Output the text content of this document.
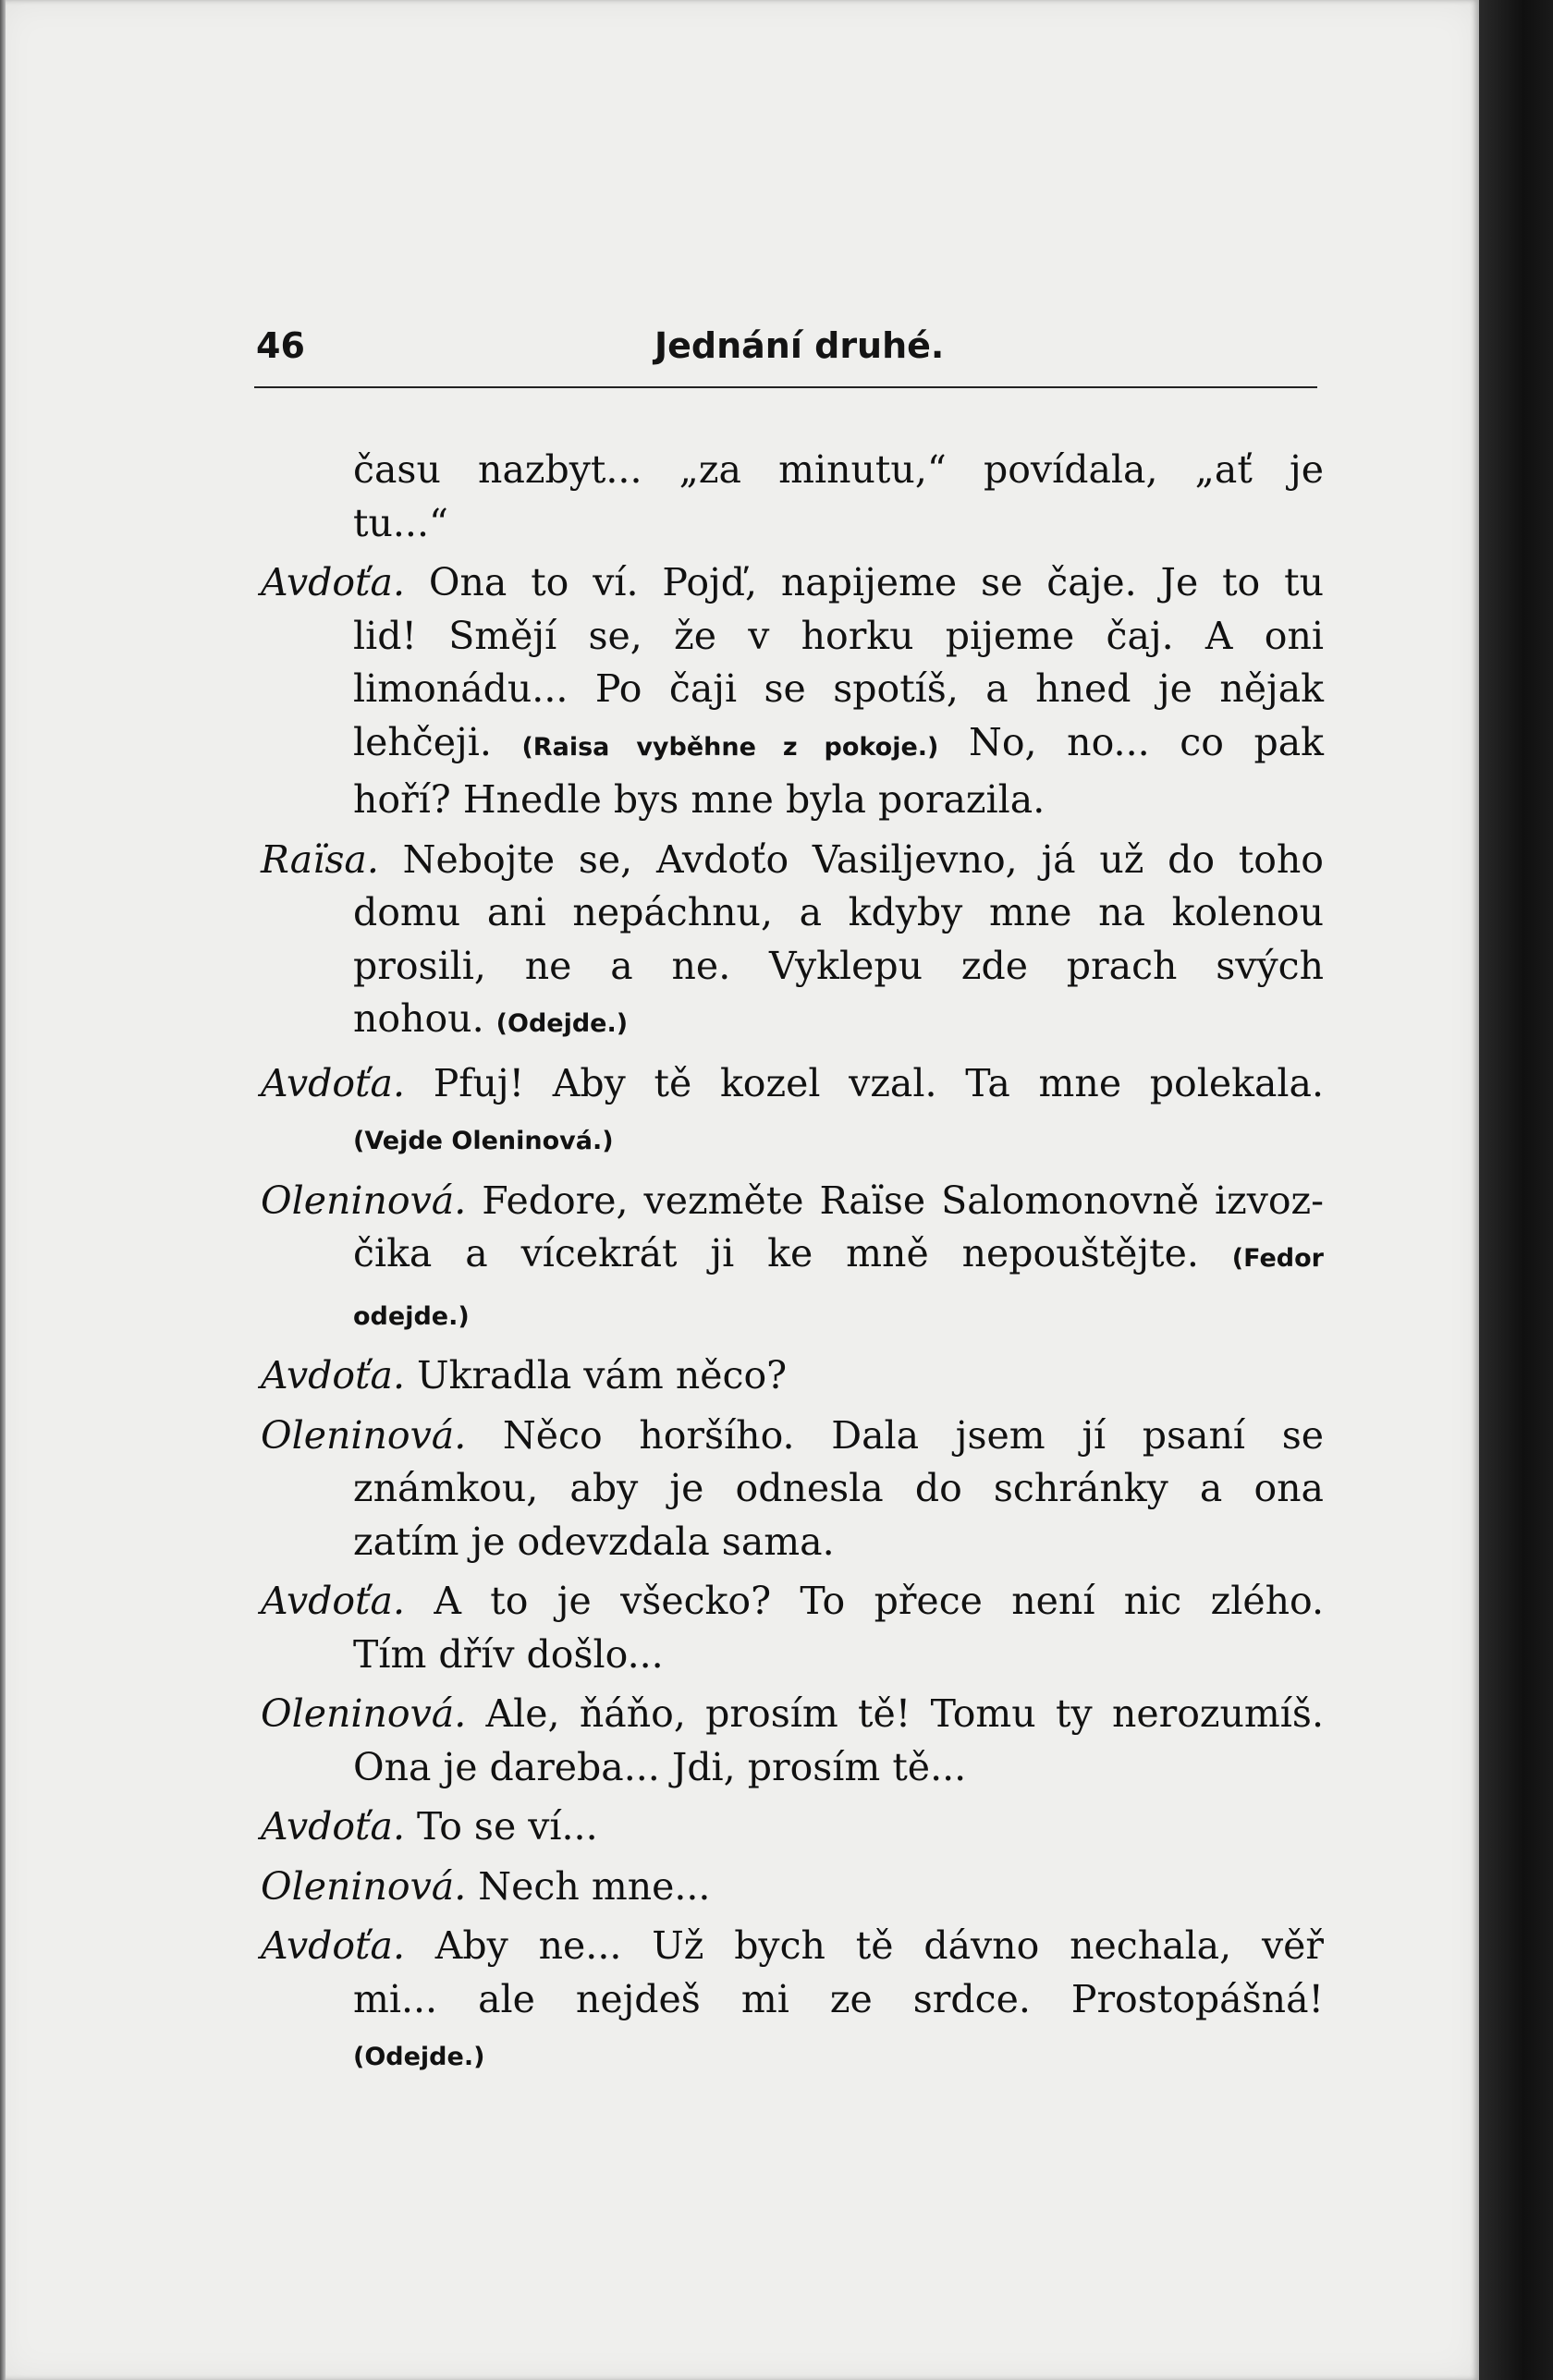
46	Jednání druhé.
času nazbyt... „za minutu,“ povídala, „ať je
tu...“
Avdoťa. Ona to ví. Pojď, napijeme se čaje. Je to tu
lid! Smějí se, že v horku pijeme čaj. A oni
limonádu... Po čaji se spotíš, a hned je nějak
lehčeji. (Raisa vyběhne z pokoje.) No, no... co pak
hoří? Hnedle bys mne byla porazila.
Raïsa. Nebojte se, Avdoťo Vasiljevno, já už do toho
domu ani nepáchnu, a kdyby mne na kolenou
prosili, ne a ne. Vyklepu zde prach svých
nohou. (Odejde.)
Avdoťa. Pfuj! Aby tě kozel vzal. Ta mne polekala.
(Vejde Oleninová.)
Oleninová. Fedore, vezměte Raïse Salomonovně izvoz-
čika a vícekrát ji ke mně nepouštějte. (Fedor
odejde.)
Avdoťa. Ukradla vám něco?
Oleninová. Něco horšího. Dala jsem jí psaní se
známkou, aby je odnesla do schránky a ona
zatím je odevzdala sama.
Avdoťa. A to je všecko? To přece není nic zlého.
Tím dřív došlo...
Oleninová. Ale, ňáňo, prosím tě! Tomu ty nerozumíš.
Ona je dareba... Jdi, prosím tě...
Avdoťa. To se ví...
Oleninová. Nech mne...
Avdoťa. Aby ne... Už bych tě dávno nechala, věř
mi... ale nejdeš mi ze srdce. Prostopášná!
(Odejde.)
